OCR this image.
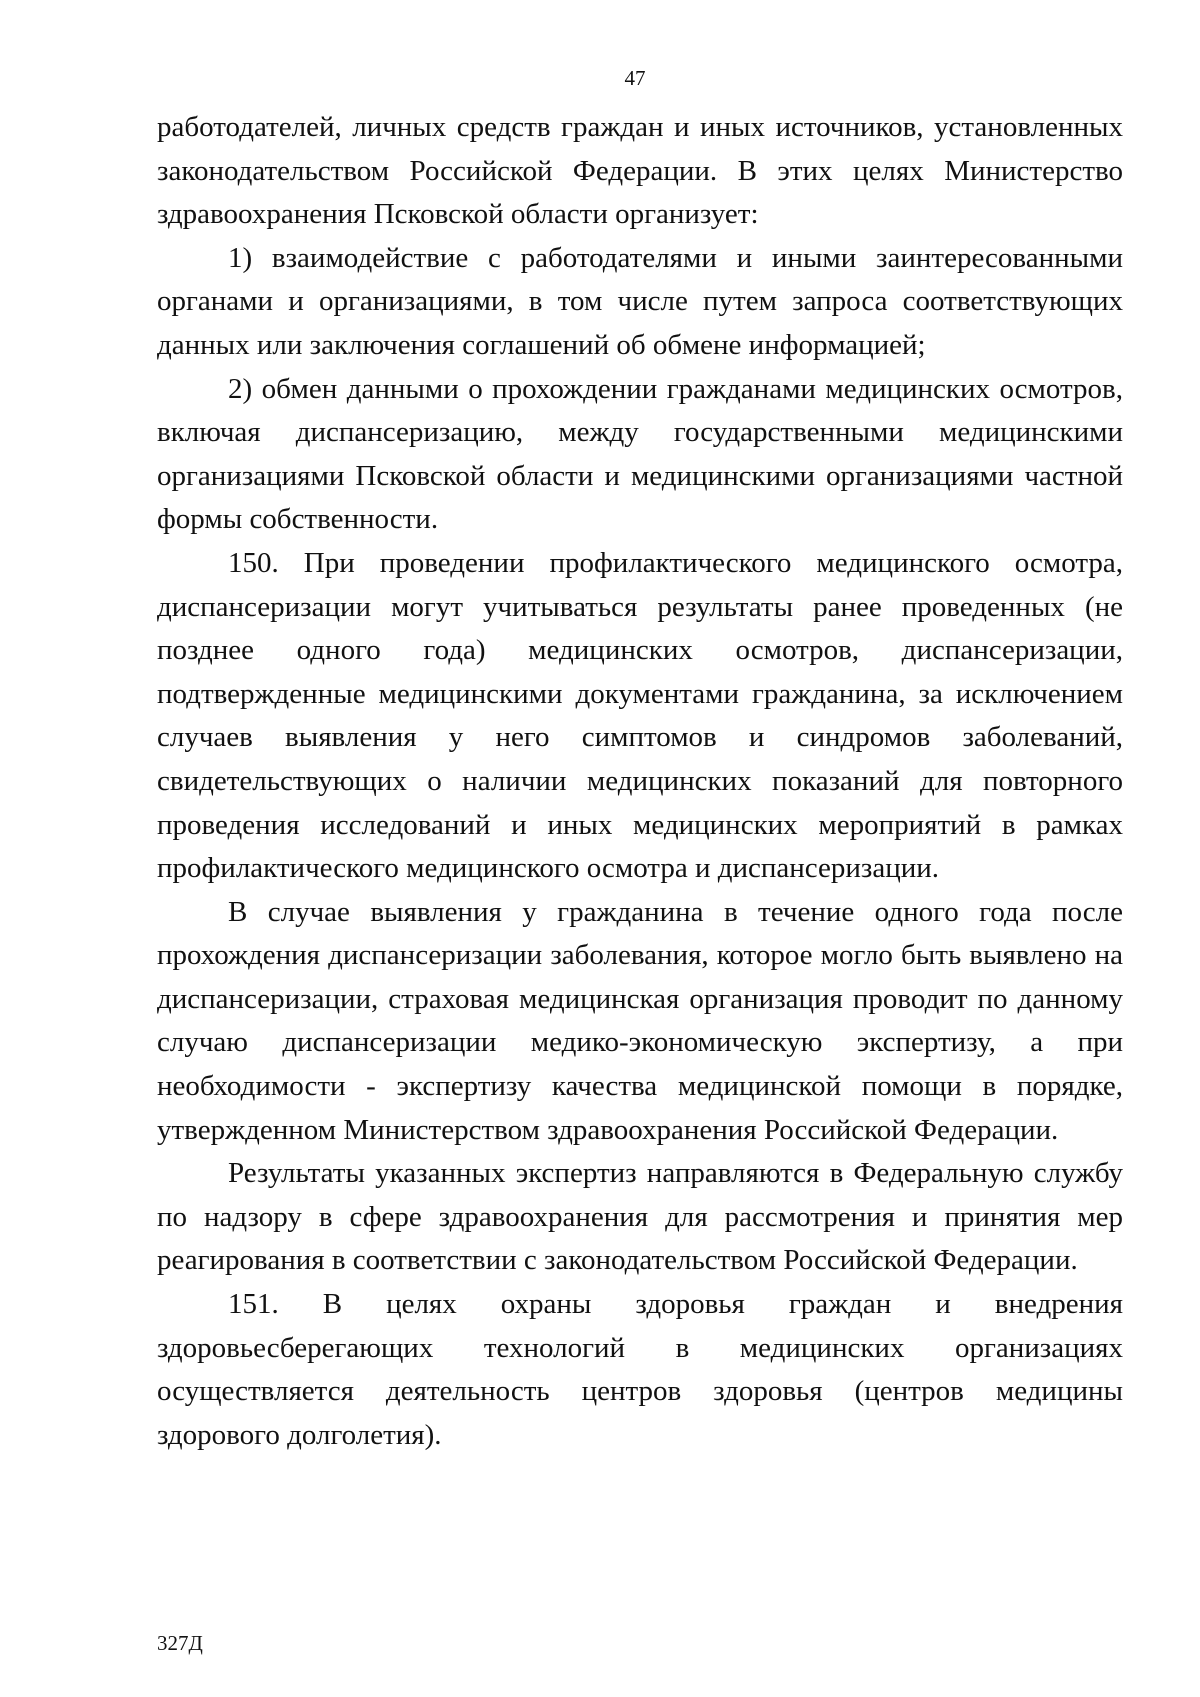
47

работодателей, личных средств граждан и иных источников, установленных законодательством Российской Федерации. В этих целях Министерство здравоохранения Псковской области организует:

1) взаимодействие с работодателями и иными заинтересованными органами и организациями, в том числе путем запроса соответствующих данных или заключения соглашений об обмене информацией;

2) обмен данными о прохождении гражданами медицинских осмотров, включая диспансеризацию, между государственными медицинскими организациями Псковской области и медицинскими организациями частной формы собственности.

150. При проведении профилактического медицинского осмотра, диспансеризации могут учитываться результаты ранее проведенных (не позднее одного года) медицинских осмотров, диспансеризации, подтвержденные медицинскими документами гражданина, за исключением случаев выявления у него симптомов и синдромов заболеваний, свидетельствующих о наличии медицинских показаний для повторного проведения исследований и иных медицинских мероприятий в рамках профилактического медицинского осмотра и диспансеризации.

В случае выявления у гражданина в течение одного года после прохождения диспансеризации заболевания, которое могло быть выявлено на диспансеризации, страховая медицинская организация проводит по данному случаю диспансеризации медико-экономическую экспертизу, а при необходимости - экспертизу качества медицинской помощи в порядке, утвержденном Министерством здравоохранения Российской Федерации.

Результаты указанных экспертиз направляются в Федеральную службу по надзору в сфере здравоохранения для рассмотрения и принятия мер реагирования в соответствии с законодательством Российской Федерации.

151. В целях охраны здоровья граждан и внедрения здоровьесберегающих технологий в медицинских организациях осуществляется деятельность центров здоровья (центров медицины здорового долголетия).

327Д
